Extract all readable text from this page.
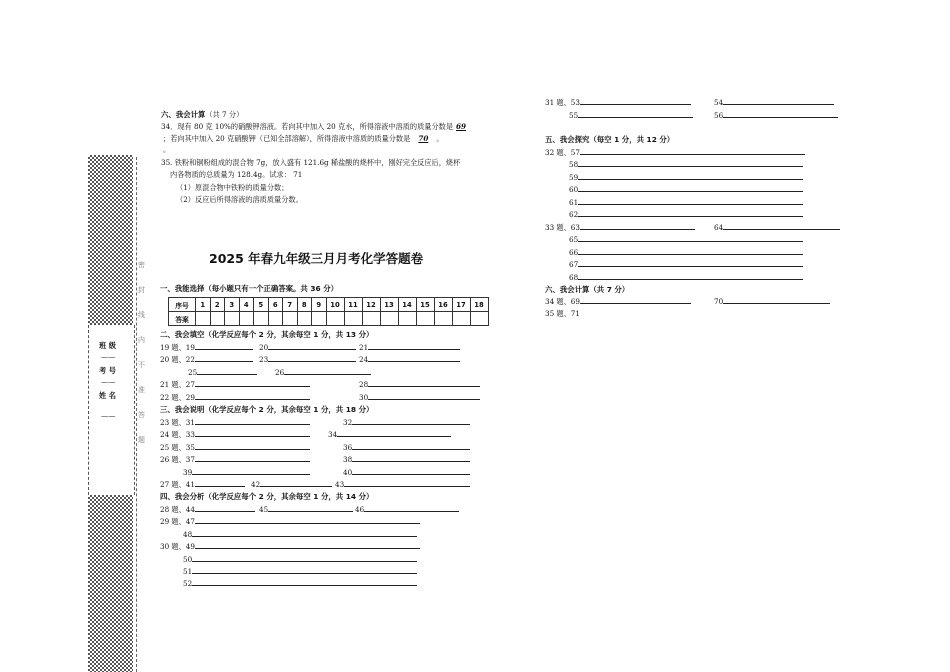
班 级
——
考 号
——
姓 名
——
密
封
线
内
不
准
答
题
六、我会计算（共 7 分）
34．现有 80 克 10%的硝酸钾溶液。若向其中加入 20 克水，所得溶液中溶质的质量分数是 69
；若向其中加入 20 克硝酸钾（已知全部溶解），所得溶液中溶质的质量分数是 70 。
。
35. 铁粉和铜粉组成的混合物 7g，放入盛有 121.6g 稀盐酸的烧杯中，刚好完全反应后，烧杯
内各物质的总质量为 128.4g。试求： 71
（1）原混合物中铁粉的质量分数；
（2）反应后所得溶液的溶质质量分数。
2025 年春九年级三月月考化学答题卷
一、我能选择（每小题只有一个正确答案。共 36 分）
序号	1	2	3	4	5	6	7	8	9	10	11	12	13	14	15	16	17	18
答案																		
二、我会填空（化学反应每个 2 分，其余每空 1 分，共 13 分）
19 题、19	20	21
20 题、22	23	24
25	26
21 题、27	28
22 题、29	30
三、我会说明（化学反应每个 2 分，其余每空 1 分，共 18 分）
23 题、31	32
24 题、33	34
25 题、35	36
26 题、37	38
39	40
27 题、41	42	43
四、我会分析（化学反应每个 2 分，其余每空 1 分，共 14 分）
28 题、44	45	46
29 题、47
48
30 题、49
50
51
52
31 题、53	54
55	56
五、我会探究（每空 1 分，共 12 分）
32 题、57
58
59
60
61
62
33 题、63	64
65
66
67
68
六、我会计算（共 7 分）
34 题、69	70
35 题、71
